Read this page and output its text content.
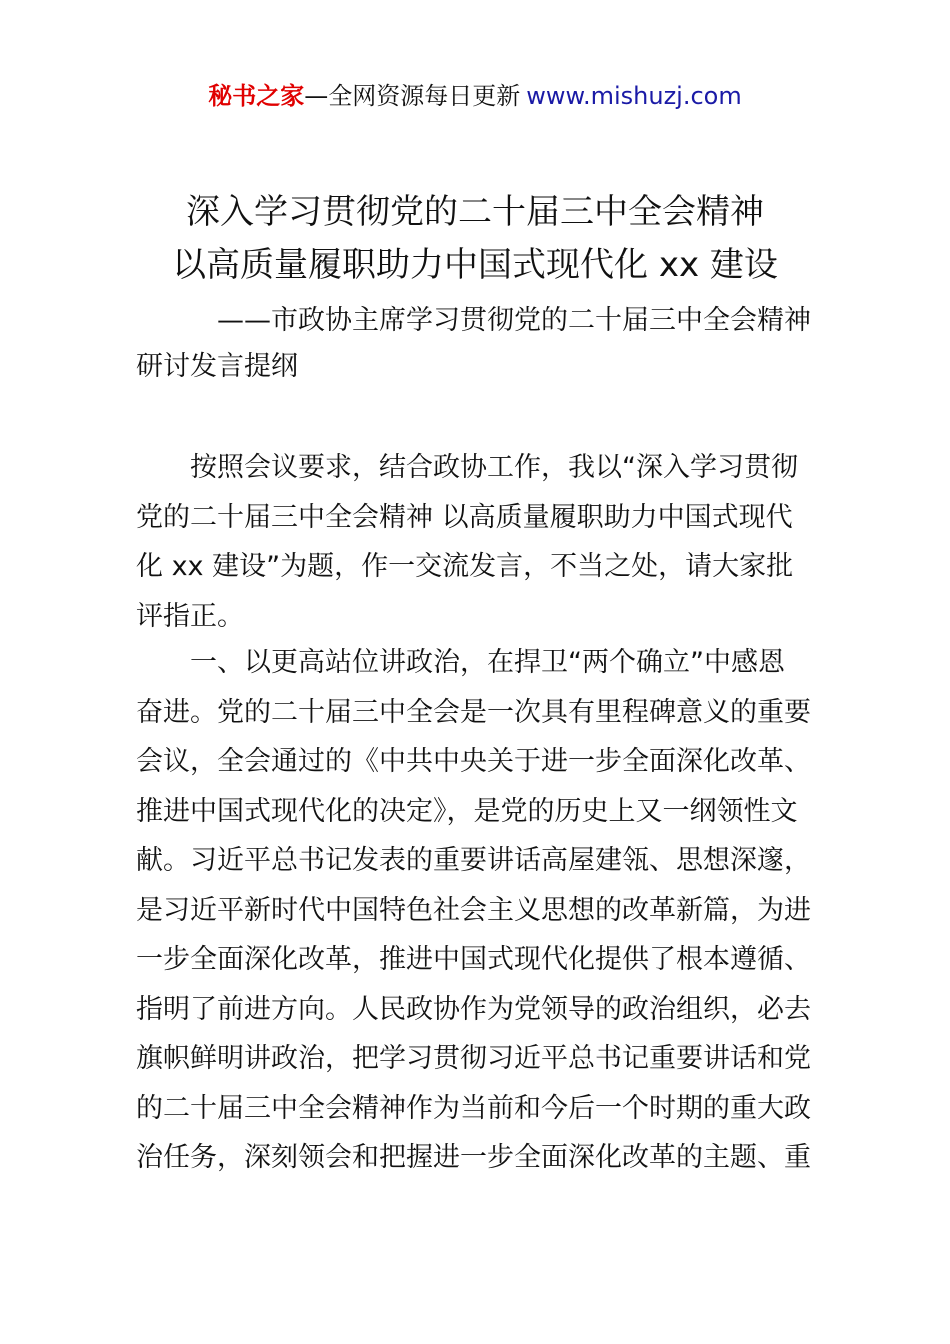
秘书之家—全网资源每日更新 www.mishuzj.com
深入学习贯彻党的二十届三中全会精神
以高质量履职助力中国式现代化 xx 建设
——市政协主席学习贯彻党的二十届三中全会精神
研讨发言提纲
按照会议要求，结合政协工作，我以“深入学习贯彻
党的二十届三中全会精神 以高质量履职助力中国式现代
化 xx 建设”为题，作一交流发言，不当之处，请大家批
评指正。
一、以更高站位讲政治，在捍卫“两个确立”中感恩
奋进。党的二十届三中全会是一次具有里程碑意义的重要
会议，全会通过的《中共中央关于进一步全面深化改革、
推进中国式现代化的决定》，是党的历史上又一纲领性文
献。习近平总书记发表的重要讲话高屋建瓴、思想深邃，
是习近平新时代中国特色社会主义思想的改革新篇，为进
一步全面深化改革，推进中国式现代化提供了根本遵循、
指明了前进方向。人民政协作为党领导的政治组织，必去
旗帜鲜明讲政治，把学习贯彻习近平总书记重要讲话和党
的二十届三中全会精神作为当前和今后一个时期的重大政
治任务，深刻领会和把握进一步全面深化改革的主题、重
